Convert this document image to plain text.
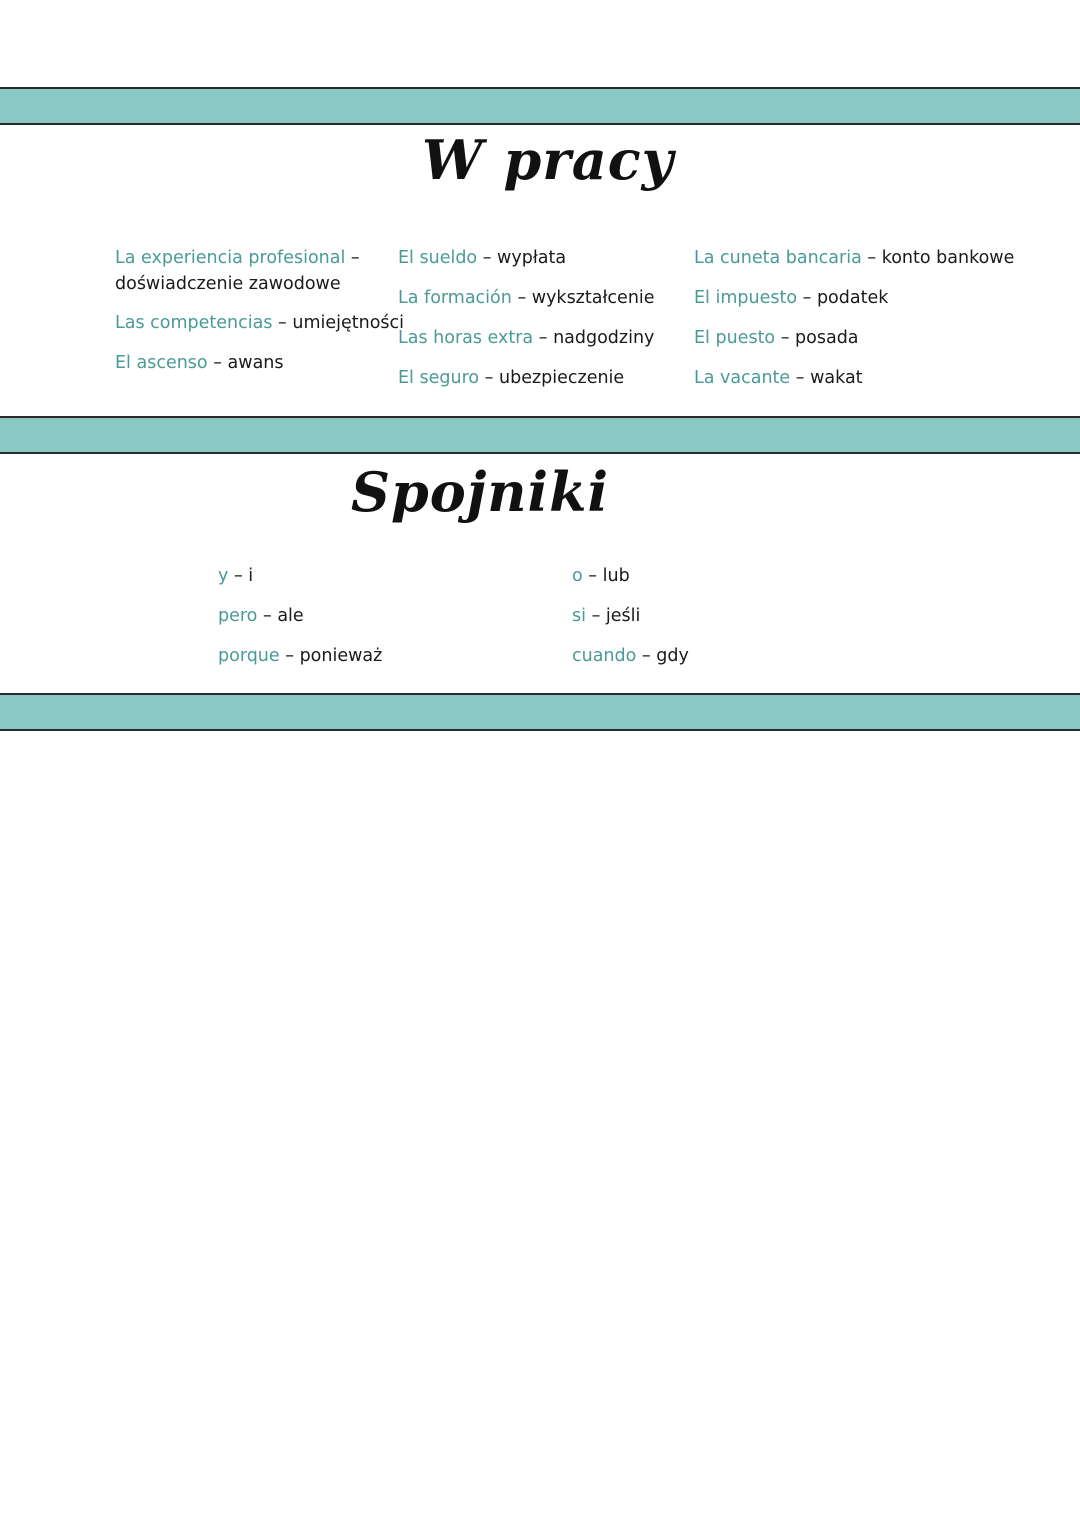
W pracy
La experiencia profesional –
doświadczenie zawodowe
Las competencias – umiejętności
El ascenso – awans
El sueldo – wypłata
La formación – wykształcenie
Las horas extra – nadgodziny
El seguro – ubezpieczenie
La cuneta bancaria – konto bankowe
El impuesto – podatek
El puesto – posada
La vacante – wakat
Spojniki
y – i
pero – ale
porque – ponieważ
o – lub
si – jeśli
cuando – gdy
